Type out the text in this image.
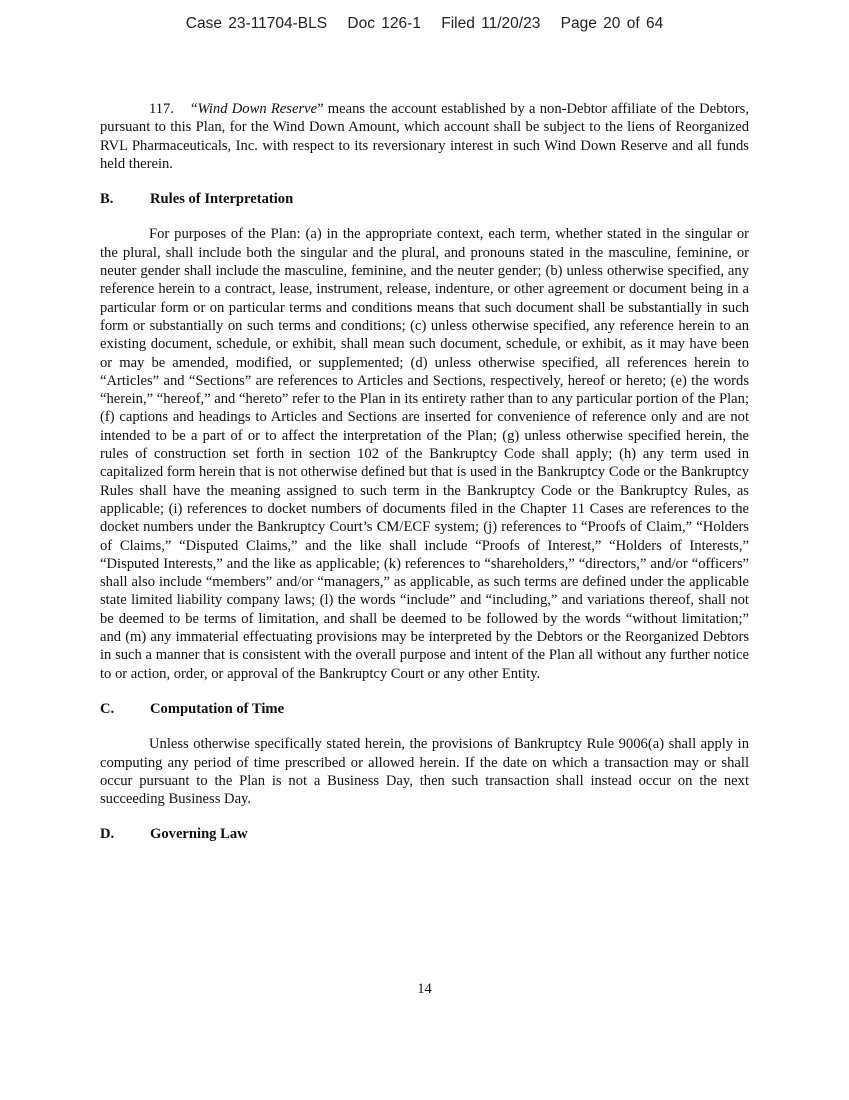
Case 23-11704-BLS Doc 126-1 Filed 11/20/23 Page 20 of 64

117. “Wind Down Reserve” means the account established by a non-Debtor affiliate of the Debtors, pursuant to this Plan, for the Wind Down Amount, which account shall be subject to the liens of Reorganized RVL Pharmaceuticals, Inc. with respect to its reversionary interest in such Wind Down Reserve and all funds held therein.

B.	Rules of Interpretation

For purposes of the Plan: (a) in the appropriate context, each term, whether stated in the singular or the plural, shall include both the singular and the plural, and pronouns stated in the masculine, feminine, or neuter gender shall include the masculine, feminine, and the neuter gender; (b) unless otherwise specified, any reference herein to a contract, lease, instrument, release, indenture, or other agreement or document being in a particular form or on particular terms and conditions means that such document shall be substantially in such form or substantially on such terms and conditions; (c) unless otherwise specified, any reference herein to an existing document, schedule, or exhibit, shall mean such document, schedule, or exhibit, as it may have been or may be amended, modified, or supplemented; (d) unless otherwise specified, all references herein to “Articles” and “Sections” are references to Articles and Sections, respectively, hereof or hereto; (e) the words “herein,” “hereof,” and “hereto” refer to the Plan in its entirety rather than to any particular portion of the Plan; (f) captions and headings to Articles and Sections are inserted for convenience of reference only and are not intended to be a part of or to affect the interpretation of the Plan; (g) unless otherwise specified herein, the rules of construction set forth in section 102 of the Bankruptcy Code shall apply; (h) any term used in capitalized form herein that is not otherwise defined but that is used in the Bankruptcy Code or the Bankruptcy Rules shall have the meaning assigned to such term in the Bankruptcy Code or the Bankruptcy Rules, as applicable; (i) references to docket numbers of documents filed in the Chapter 11 Cases are references to the docket numbers under the Bankruptcy Court’s CM/ECF system; (j) references to “Proofs of Claim,” “Holders of Claims,” “Disputed Claims,” and the like shall include “Proofs of Interest,” “Holders of Interests,” “Disputed Interests,” and the like as applicable; (k) references to “shareholders,” “directors,” and/or “officers” shall also include “members” and/or “managers,” as applicable, as such terms are defined under the applicable state limited liability company laws; (l) the words “include” and “including,” and variations thereof, shall not be deemed to be terms of limitation, and shall be deemed to be followed by the words “without limitation;” and (m) any immaterial effectuating provisions may be interpreted by the Debtors or the Reorganized Debtors in such a manner that is consistent with the overall purpose and intent of the Plan all without any further notice to or action, order, or approval of the Bankruptcy Court or any other Entity.

C. Computation of Time

Unless otherwise specifically stated herein, the provisions of Bankruptcy Rule 9006(a) shall apply in computing any period of time prescribed or allowed herein. If the date on which a transaction may or shall occur pursuant to the Plan is not a Business Day, then such transaction shall instead occur on the next succeeding Business Day.

D. Governing Law
14
